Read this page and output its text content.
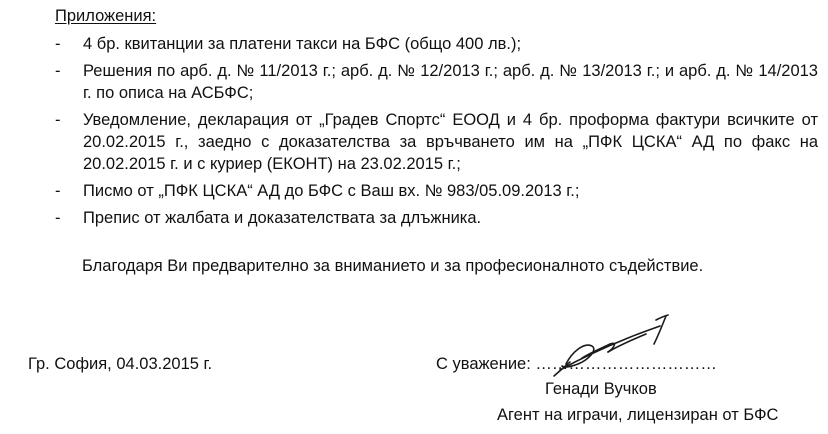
Приложения:
-	4 бр. квитанции за платени такси на БФС (общо 400 лв.);
-	Решения по арб. д. № 11/2013 г.; арб. д. № 12/2013 г.; арб. д. № 13/2013 г.; и арб. д. № 14/2013 г. по описа на АСБФС;
-	Уведомление, декларация от „Градев Спортс“ ЕООД и 4 бр. проформа фактури всичките от 20.02.2015 г., заедно с доказателства за връчването им на „ПФК ЦСКА“ АД по факс на 20.02.2015 г. и с куриер (ЕКОНТ) на 23.02.2015 г.;
-	Писмо от „ПФК ЦСКА“ АД до БФС с Ваш вх. № 983/05.09.2013 г.;
-	Препис от жалбата и доказателствата за длъжника.
Благодаря Ви предварително за вниманието и за професионалното съдействие.
Гр. София, 04.03.2015 г.	С уважение: ……………………………
Генади Вучков
Агент на играчи, лицензиран от БФС
